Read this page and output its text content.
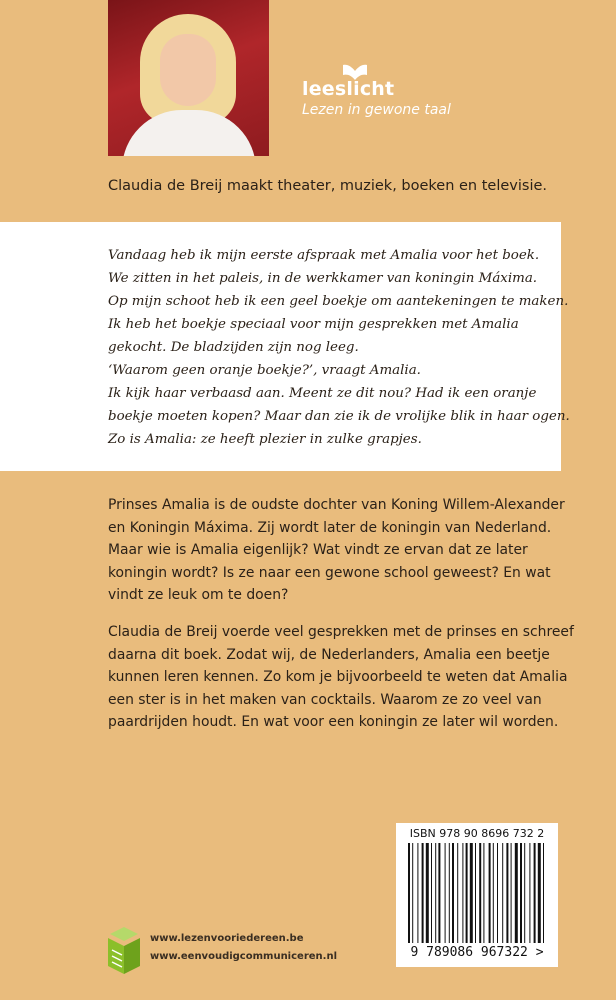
leeslicht
Lezen in gewone taal
Claudia de Breij maakt theater, muziek, boeken en televisie.
Vandaag heb ik mijn eerste afspraak met Amalia voor het boek.
We zitten in het paleis, in de werkkamer van koningin Máxima.
Op mijn schoot heb ik een geel boekje om aantekeningen te maken.
Ik heb het boekje speciaal voor mijn gesprekken met Amalia
gekocht. De bladzijden zijn nog leeg.
‘Waarom geen oranje boekje?’, vraagt Amalia.
Ik kijk haar verbaasd aan. Meent ze dit nou? Had ik een oranje
boekje moeten kopen? Maar dan zie ik de vrolijke blik in haar ogen.
Zo is Amalia: ze heeft plezier in zulke grapjes.
Prinses Amalia is de oudste dochter van Koning Willem-Alexander
en Koningin Máxima. Zij wordt later de koningin van Nederland.
Maar wie is Amalia eigenlijk? Wat vindt ze ervan dat ze later
koningin wordt? Is ze naar een gewone school geweest? En wat
vindt ze leuk om te doen?
Claudia de Breij voerde veel gesprekken met de prinses en schreef
daarna dit boek. Zodat wij, de Nederlanders, Amalia een beetje
kunnen leren kennen. Zo kom je bijvoorbeeld te weten dat Amalia
een ster is in het maken van cocktails. Waarom ze zo veel van
paardrijden houdt. En wat voor een koningin ze later wil worden.
ISBN 978 90 8696 732 2
9 789086 967322 >
www.lezenvooriedereen.be
www.eenvoudigcommuniceren.nl
